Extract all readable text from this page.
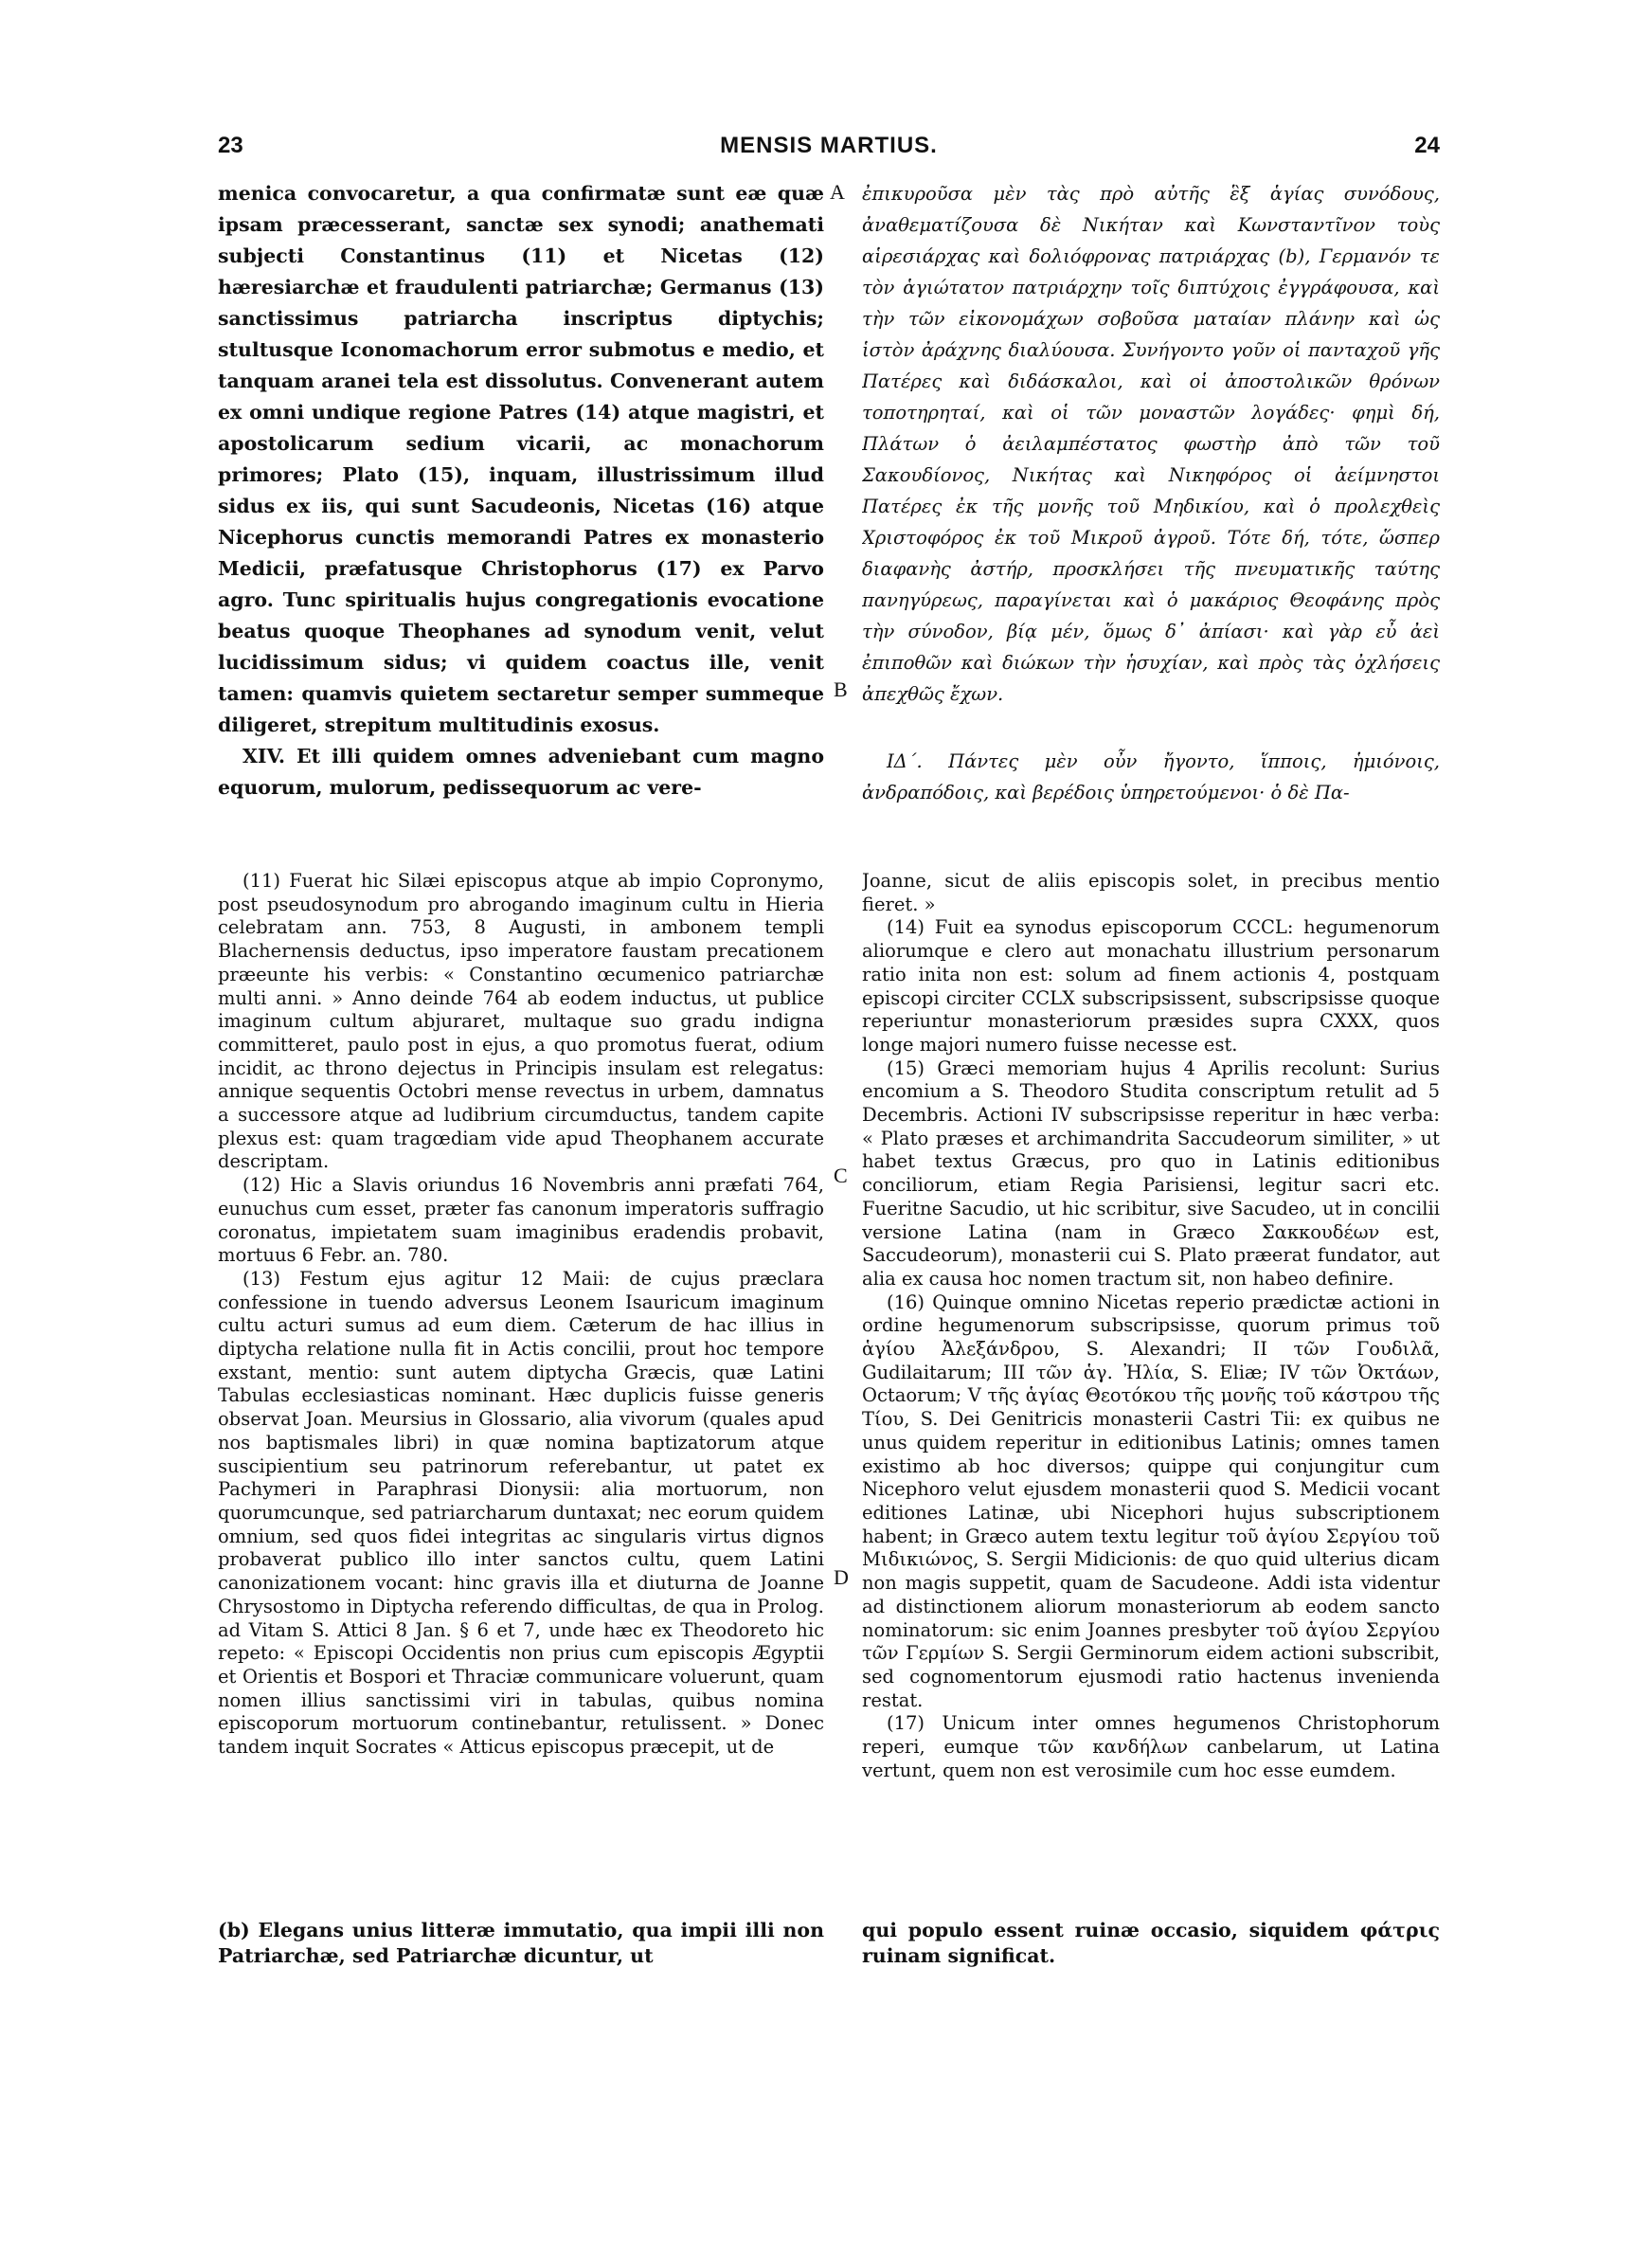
23	MENSIS MARTIUS.	24

menica convocaretur, a qua confirmatæ sunt eæ quæ ipsam præcesserant, sanctæ sex synodi; anathemati subjecti Constantinus (11) et Nicetas (12) hæresiarchæ et fraudulenti patriarchæ; Germanus (13) sanctissimus patriarcha inscriptus diptychis; stultusque Iconomachorum error submotus e medio, et tanquam aranei tela est dissolutus. Convenerant autem ex omni undique regione Patres (14) atque magistri, et apostolicarum sedium vicarii, ac monachorum primores; Plato (15), inquam, illustrissimum illud sidus ex iis, qui sunt Sacudeonis, Nicetas (16) atque Nicephorus cunctis memorandi Patres ex monasterio Medicii, præfatusque Christophorus (17) ex Parvo agro. Tunc spiritualis hujus congregationis evocatione beatus quoque Theophanes ad synodum venit, velut lucidissimum sidus; vi quidem coactus ille, venit tamen: quamvis quietem sectaretur semper summeque diligeret, strepitum multitudinis exosus.

XIV. Et illi quidem omnes adveniebant cum magno equorum, mulorum, pedissequorum ac vere-

A ἐπικυροῦσα μὲν τὰς πρὸ αὐτῆς ἓξ ἁγίας συνόδους, ἀναθεματίζουσα δὲ Νικήταν καὶ Κωνσταντῖνον τοὺς αἱρεσιάρχας καὶ δολιόφρονας πατριάρχας (b), Γερμανόν τε τὸν ἁγιώτατον πατριάρχην τοῖς διπτύχοις ἐγγράφουσα, καὶ τὴν τῶν εἰκονομάχων σοβοῦσα ματαίαν πλάνην καὶ ὡς ἱστὸν ἀράχνης διαλύουσα. Συνήγοντο γοῦν οἱ πανταχοῦ γῆς Πατέρες καὶ διδάσκαλοι, καὶ οἱ ἀποστολικῶν θρόνων τοποτηρηταί, καὶ οἱ τῶν μοναστῶν λογάδες· φημὶ δή, Πλάτων ὁ ἀειλαμπέστατος φωστὴρ ἀπὸ τῶν τοῦ Σακουδίονος, Νικήτας καὶ Νικηφόρος οἱ ἀείμνηστοι Πατέρες ἐκ τῆς μονῆς τοῦ Μηδικίου, καὶ ὁ προλεχθεὶς Χριστοφόρος ἐκ τοῦ Μικροῦ ἀγροῦ. Τότε δή, τότε, ὥσπερ διαφανὴς ἀστήρ, προσκλήσει τῆς πνευματικῆς ταύτης πανηγύρεως, παραγίνεται καὶ ὁ μακάριος Θεοφάνης πρὸς τὴν σύνοδον, βίᾳ μέν, ὅμως δ᾽ ἀπίασι· καὶ γὰρ εὖ ἀεὶ ἐπιποθῶν καὶ διώκων τὴν ἡσυχίαν, καὶ πρὸς τὰς ὀχλήσεις ἀπεχθῶς ἔχων.

ΙΔ΄. Πάντες μὲν οὖν ἤγοντο, ἵπποις, ἡμιόνοις, ἀνδραπόδοις, καὶ βερέδοις ὑπηρετούμενοι· ὁ δὲ Πα-

B

(11) Fuerat hic Silæi episcopus atque ab impio Copronymo, post pseudosynodum pro abrogando imaginum cultu in Hieria celebratam ann. 753, 8 Augusti, in ambonem templi Blachernensis deductus, ipso imperatore faustam precationem præeunte his verbis: « Constantino œcumenico patriarchæ multi anni. » Anno deinde 764 ab eodem inductus, ut publice imaginum cultum abjuraret, multaque suo gradu indigna committeret, paulo post in ejus, a quo promotus fuerat, odium incidit, ac throno dejectus in Principis insulam est relegatus: annique sequentis Octobri mense revectus in urbem, damnatus a successore atque ad ludibrium circumductus, tandem capite plexus est: quam tragœdiam vide apud Theophanem accurate descriptam.

(12) Hic a Slavis oriundus 16 Novembris anni præfati 764, eunuchus cum esset, præter fas canonum imperatoris suffragio coronatus, impietatem suam imaginibus eradendis probavit, mortuus 6 Febr. an. 780.

(13) Festum ejus agitur 12 Maii: de cujus præclara confessione in tuendo adversus Leonem Isauricum imaginum cultu acturi sumus ad eum diem. Cæterum de hac illius in diptycha relatione nulla fit in Actis concilii, prout hoc tempore exstant, mentio: sunt autem diptycha Græcis, quæ Latini Tabulas ecclesiasticas nominant. Hæc duplicis fuisse generis observat Joan. Meursius in Glossario, alia vivorum (quales apud nos baptismales libri) in quæ nomina baptizatorum atque suscipientium seu patrinorum referebantur, ut patet ex Pachymeri in Paraphrasi Dionysii: alia mortuorum, non quorumcunque, sed patriarcharum duntaxat; nec eorum quidem omnium, sed quos fidei integritas ac singularis virtus dignos probaverat publico illo inter sanctos cultu, quem Latini canonizationem vocant: hinc gravis illa et diuturna de Joanne Chrysostomo in Diptycha referendo difficultas, de qua in Prolog. ad Vitam S. Attici 8 Jan. § 6 et 7, unde hæc ex Theodoreto hic repeto: « Episcopi Occidentis non prius cum episcopis Ægyptii et Orientis et Bospori et Thraciæ communicare voluerunt, quam nomen illius sanctissimi viri in tabulas, quibus nomina episcoporum mortuorum continebantur, retulissent. » Donec tandem inquit Socrates « Atticus episcopus præcepit, ut de

C
D

Joanne, sicut de aliis episcopis solet, in precibus mentio fieret. »

(14) Fuit ea synodus episcoporum CCCL: hegumenorum aliorumque e clero aut monachatu illustrium personarum ratio inita non est: solum ad finem actionis 4, postquam episcopi circiter CCLX subscripsissent, subscripsisse quoque reperiuntur monasteriorum præsides supra CXXX, quos longe majori numero fuisse necesse est.

(15) Græci memoriam hujus 4 Aprilis recolunt: Surius encomium a S. Theodoro Studita conscriptum retulit ad 5 Decembris. Actioni IV subscripsisse reperitur in hæc verba: « Plato præses et archimandrita Saccudeorum similiter, » ut habet textus Græcus, pro quo in Latinis editionibus conciliorum, etiam Regia Parisiensi, legitur sacri etc. Fueritne Sacudio, ut hic scribitur, sive Sacudeo, ut in concilii versione Latina (nam in Græco Σακκουδέων est, Saccudeorum), monasterii cui S. Plato præerat fundator, aut alia ex causa hoc nomen tractum sit, non habeo definire.

(16) Quinque omnino Nicetas reperio prædictæ actioni in ordine hegumenorum subscripsisse, quorum primus τοῦ ἁγίου Ἀλεξάνδρου, S. Alexandri; II τῶν Γουδιλᾶ, Gudilaitarum; III τῶν ἁγ. Ἠλία, S. Eliæ; IV τῶν Ὀκτάων, Octaorum; V τῆς ἁγίας Θεοτόκου τῆς μονῆς τοῦ κάστρου τῆς Τίου, S. Dei Genitricis monasterii Castri Tii: ex quibus ne unus quidem reperitur in editionibus Latinis; omnes tamen existimo ab hoc diversos; quippe qui conjungitur cum Nicephoro velut ejusdem monasterii quod S. Medicii vocant editiones Latinæ, ubi Nicephori hujus subscriptionem habent; in Græco autem textu legitur τοῦ ἁγίου Σεργίου τοῦ Μιδικιώνος, S. Sergii Midicionis: de quo quid ulterius dicam non magis suppetit, quam de Sacudeone. Addi ista videntur ad distinctionem aliorum monasteriorum ab eodem sancto nominatorum: sic enim Joannes presbyter τοῦ ἁγίου Σεργίου τῶν Γερμίων S. Sergii Germinorum eidem actioni subscribit, sed cognomentorum ejusmodi ratio hactenus invenienda restat.

(17) Unicum inter omnes hegumenos Christophorum reperi, eumque τῶν κανδήλων canbelarum, ut Latina vertunt, quem non est verosimile cum hoc esse eumdem.

(b) Elegans unius litteræ immutatio, qua impii illi non Patriarchæ, sed Patriarchæ dicuntur, ut

qui populo essent ruinæ occasio, siquidem φάτρις ruinam significat.
